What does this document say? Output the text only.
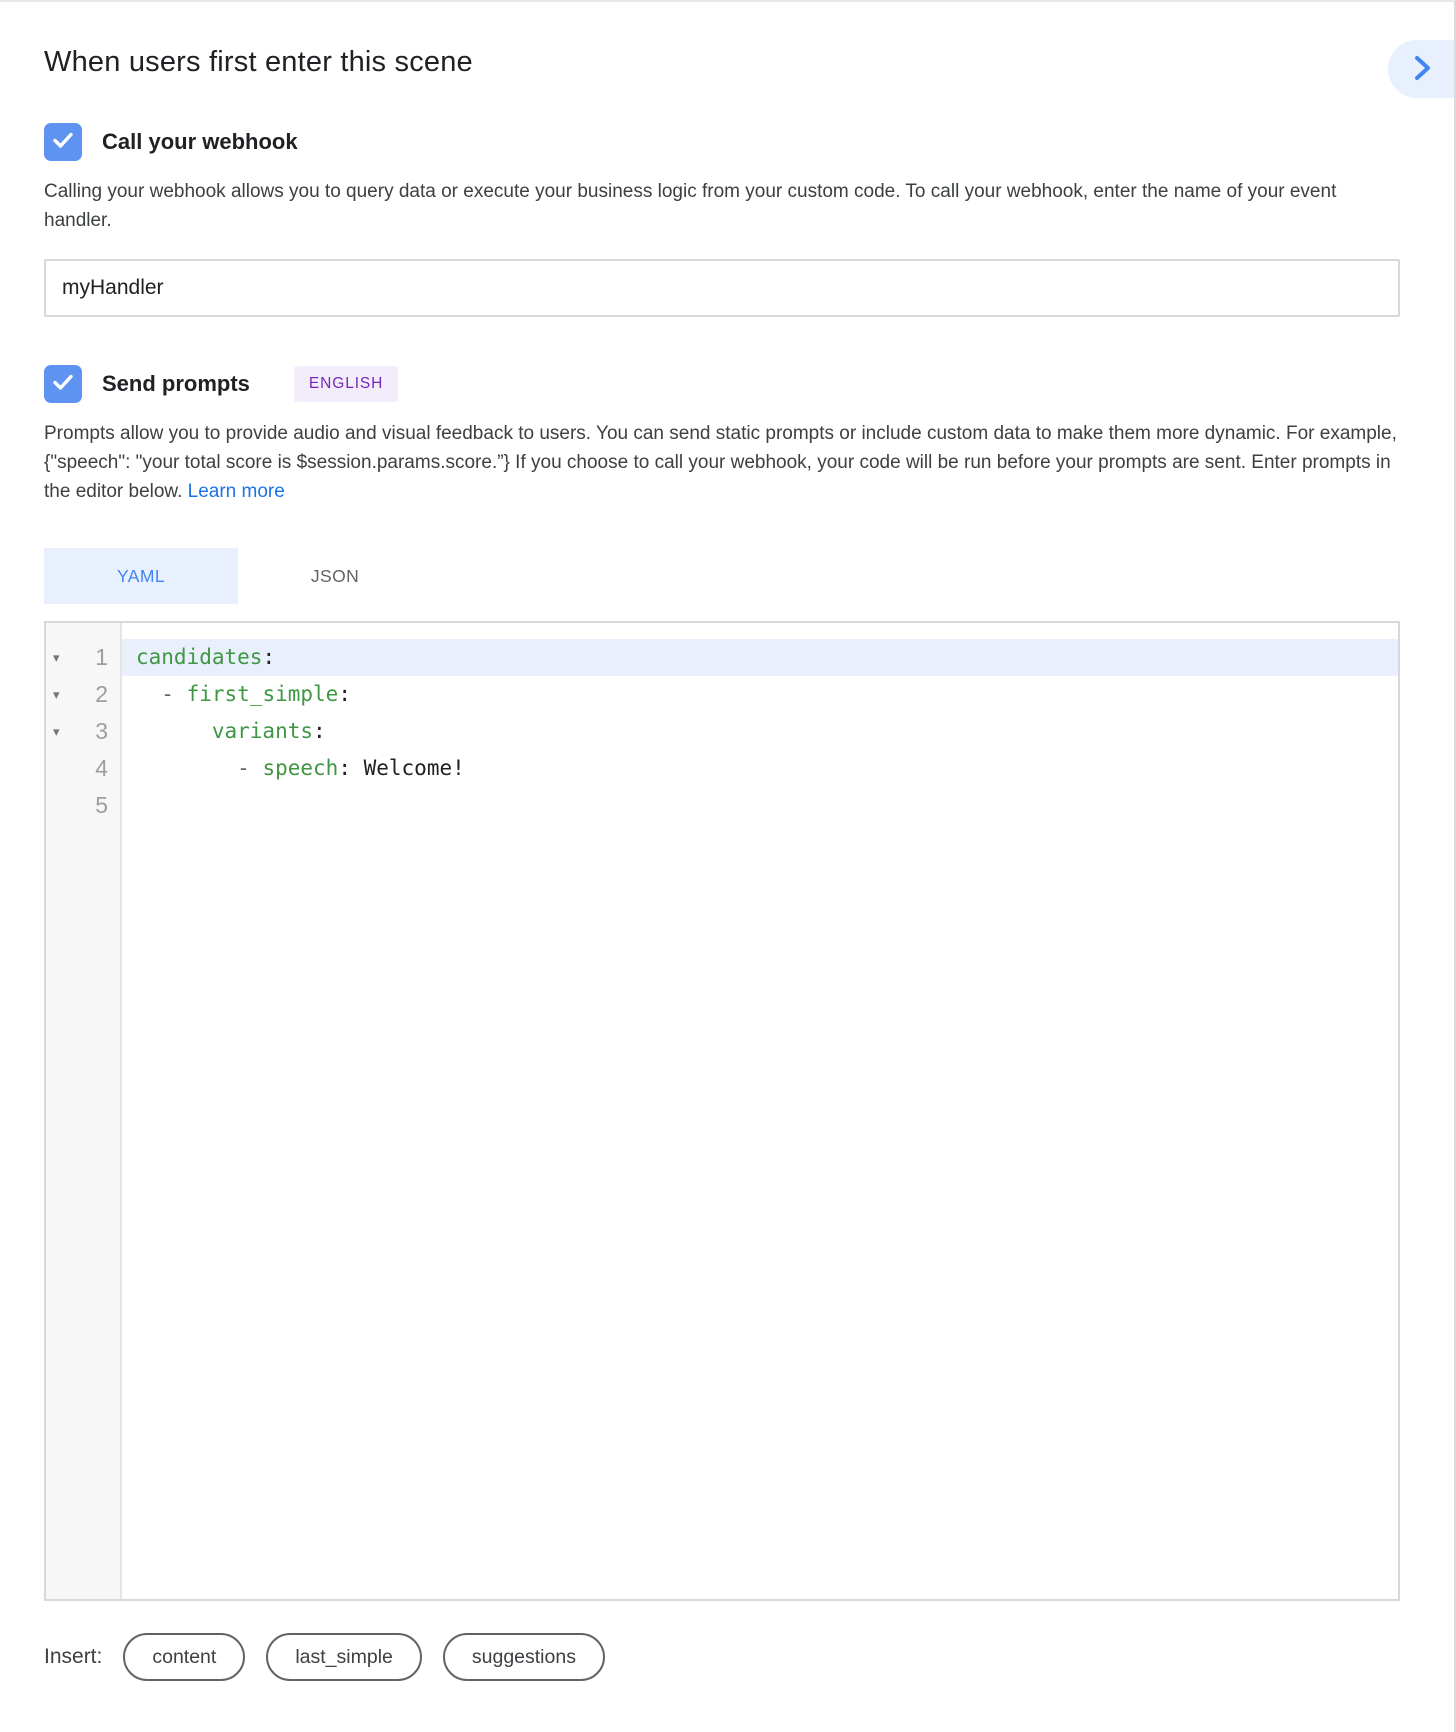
When users first enter this scene
Call your webhook

Calling your webhook allows you to query data or execute your business logic from your custom code. To call your webhook, enter the name of your event handler.

myHandler
Send prompts	ENGLISH

Prompts allow you to provide audio and visual feedback to users. You can send static prompts or include custom data to make them more dynamic. For example, {"speech": "your total score is $session.params.score.”} If you choose to call your webhook, your code will be run before your prompts are sent. Enter prompts in the editor below. Learn more

YAML	JSON
▾	1
▾	2
▾	3
4
5
candidates:
- first_simple:
variants:
- speech: Welcome!
Insert:	content	last_simple	suggestions
